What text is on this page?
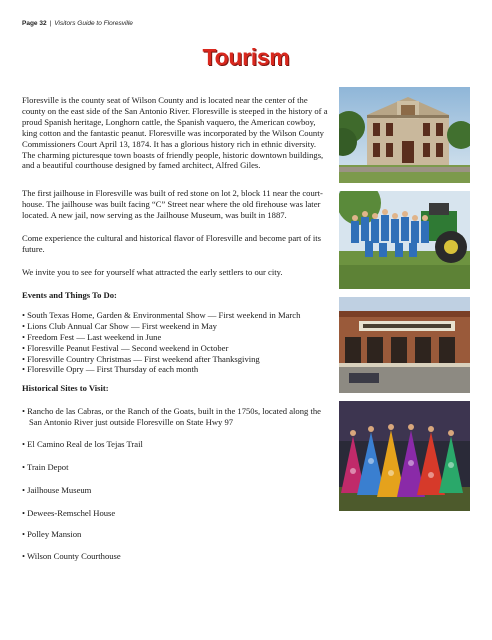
Page 32 | Visitors Guide to Floresville
Tourism

Floresville is the county seat of Wilson County and is located near the center of the county on the east side of the San Antonio River. Floresville is steeped in the history of a proud Spanish heritage, Longhorn cattle, the Spanish vaquero, the American cowboy, king cotton and the fantastic peanut. Floresville was incorporated by the Wilson County Commissioners Court April 13, 1874. It has a glorious history rich in ethnic diversity. The charming picturesque town boasts of friendly people, historic downtown buildings, and a beautiful courthouse designed by famed architect, Alfred Giles.

The first jailhouse in Floresville was built of red stone on lot 2, block 11 near the court-house. The jailhouse was built facing “C” Street near where the old firehouse was later located. A new jail, now serving as the Jailhouse Museum, was built in 1887.

Come experience the cultural and historical flavor of Floresville and become part of its future.

We invite you to see for yourself what attracted the early settlers to our city.

Events and Things To Do:

• South Texas Home, Garden & Environmental Show — First weekend in March

• Lions Club Annual Car Show — First weekend in May

• Freedom Fest — Last weekend in June

• Floresville Peanut Festival — Second weekend in October

• Floresville Country Christmas — First weekend after Thanksgiving

• Floresville Opry — First Thursday of each month

Historical Sites to Visit:

• Rancho de las Cabras, or the Ranch of the Goats, built in the 1750s, located along the San Antonio River just outside Floresville on State Hwy 97

• El Camino Real de los Tejas Trail

• Train Depot

• Jailhouse Museum

• Dewees-Remschel House

• Polley Mansion

• Wilson County Courthouse
